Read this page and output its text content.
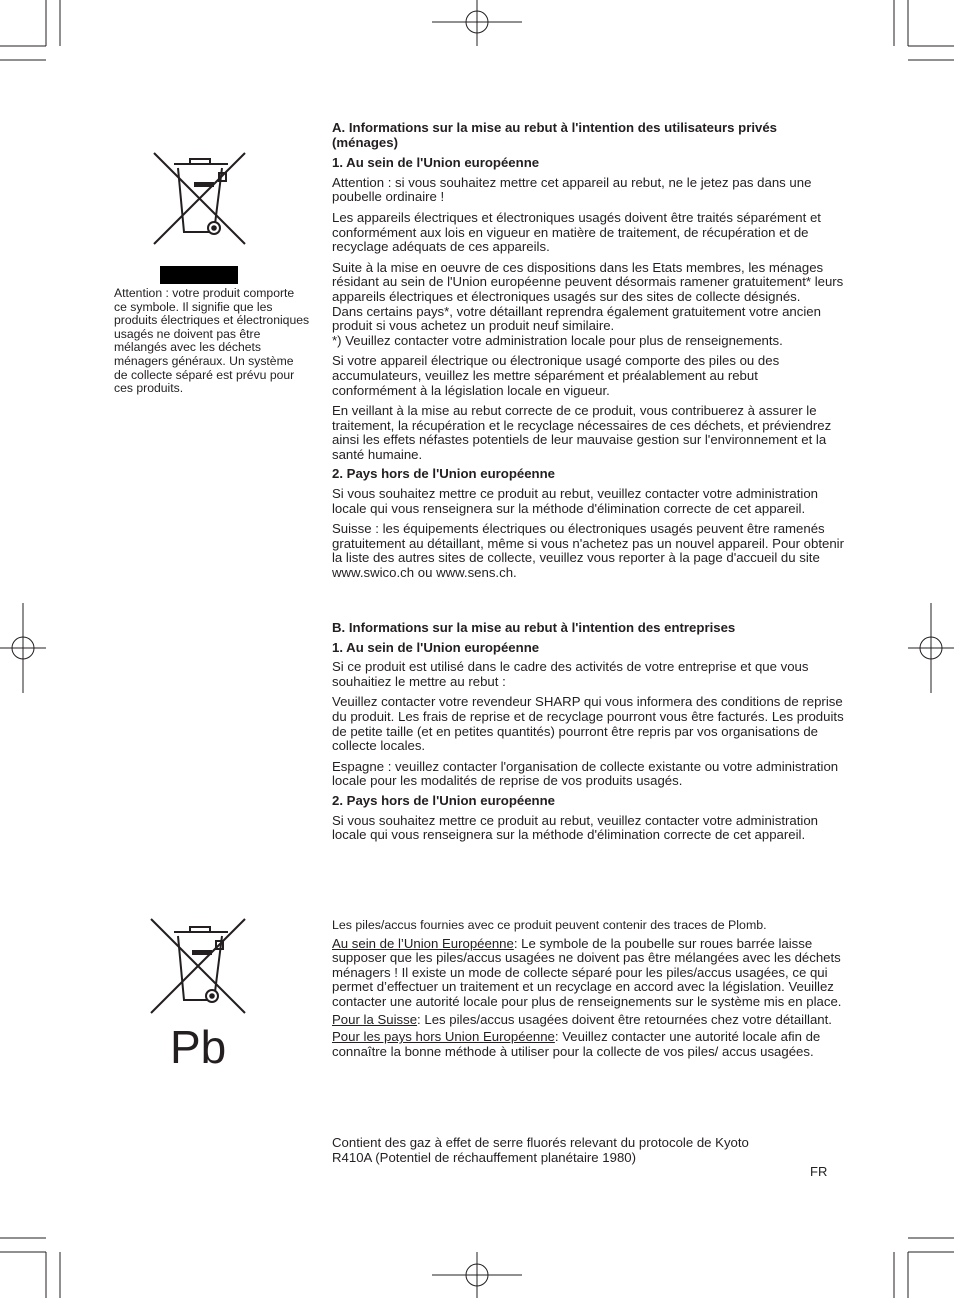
Attention : votre produit comporte ce symbole. Il signifie que les produits électriques et électroniques usagés ne doivent pas être mélangés avec les déchets ménagers généraux. Un système de collecte séparé est prévu pour ces produits.

A. Informations sur la mise au rebut à l'intention des utilisateurs privés (ménages)

1. Au sein de l'Union européenne

Attention : si vous souhaitez mettre cet appareil au rebut, ne le jetez pas dans une poubelle ordinaire !

Les appareils électriques et électroniques usagés doivent être traités séparément et conformément aux lois en vigueur en matière de traitement, de récupération et de recyclage adéquats de ces appareils.

Suite à la mise en oeuvre de ces dispositions dans les Etats membres, les ménages résidant au sein de l'Union européenne peuvent désormais ramener gratuitement* leurs appareils électriques et électroniques usagés sur des sites de collecte désignés.

Dans certains pays*, votre détaillant reprendra également gratuitement votre ancien produit si vous achetez un produit neuf similaire.

*) Veuillez contacter votre administration locale pour plus de renseignements.

Si votre appareil électrique ou électronique usagé comporte des piles ou des accumulateurs, veuillez les mettre séparément et préalablement au rebut conformément à la législation locale en vigueur.

En veillant à la mise au rebut correcte de ce produit, vous contribuerez à assurer le traitement, la récupération et le recyclage nécessaires de ces déchets, et préviendrez ainsi les effets néfastes potentiels de leur mauvaise gestion sur l'environnement et la santé humaine.

2. Pays hors de l'Union européenne

Si vous souhaitez mettre ce produit au rebut, veuillez contacter votre administration locale qui vous renseignera sur la méthode d'élimination correcte de cet appareil.

Suisse : les équipements électriques ou électroniques usagés peuvent être ramenés gratuitement au détaillant, même si vous n'achetez pas un nouvel appareil. Pour obtenir la liste des autres sites de collecte, veuillez vous reporter à la page d'accueil du site www.swico.ch ou www.sens.ch.

B. Informations sur la mise au rebut à l'intention des entreprises

1. Au sein de l'Union européenne

Si ce produit est utilisé dans le cadre des activités de votre entreprise et que vous souhaitiez le mettre au rebut :

Veuillez contacter votre revendeur SHARP qui vous informera des conditions de reprise du produit. Les frais de reprise et de recyclage pourront vous être facturés. Les produits de petite taille (et en petites quantités) pourront être repris par vos organisations de collecte locales.

Espagne : veuillez contacter l'organisation de collecte existante ou votre administration locale pour les modalités de reprise de vos produits usagés.

2. Pays hors de l'Union européenne

Si vous souhaitez mettre ce produit au rebut, veuillez contacter votre administration locale qui vous renseignera sur la méthode d'élimination correcte de cet appareil.

Pb

Les piles/accus fournies avec ce produit peuvent contenir des traces de Plomb.

Au sein de l’Union Européenne: Le symbole de la poubelle sur roues barrée laisse supposer que les piles/accus usagées ne doivent pas être mélangées avec les déchets ménagers ! Il existe un mode de collecte séparé pour les piles/accus usagées, ce qui permet d’effectuer un traitement et un recyclage en accord avec la législation. Veuillez contacter une autorité locale pour plus de renseignements sur le système mis en place.

Pour la Suisse: Les piles/accus usagées doivent être retournées chez votre détaillant.

Pour les pays hors Union Européenne: Veuillez contacter une autorité locale afin de connaître la bonne méthode à utiliser pour la collecte de vos piles/ accus usagées.

Contient des gaz à effet de serre fluorés relevant du protocole de Kyoto

R410A (Potentiel de réchauffement planétaire 1980)

FR
